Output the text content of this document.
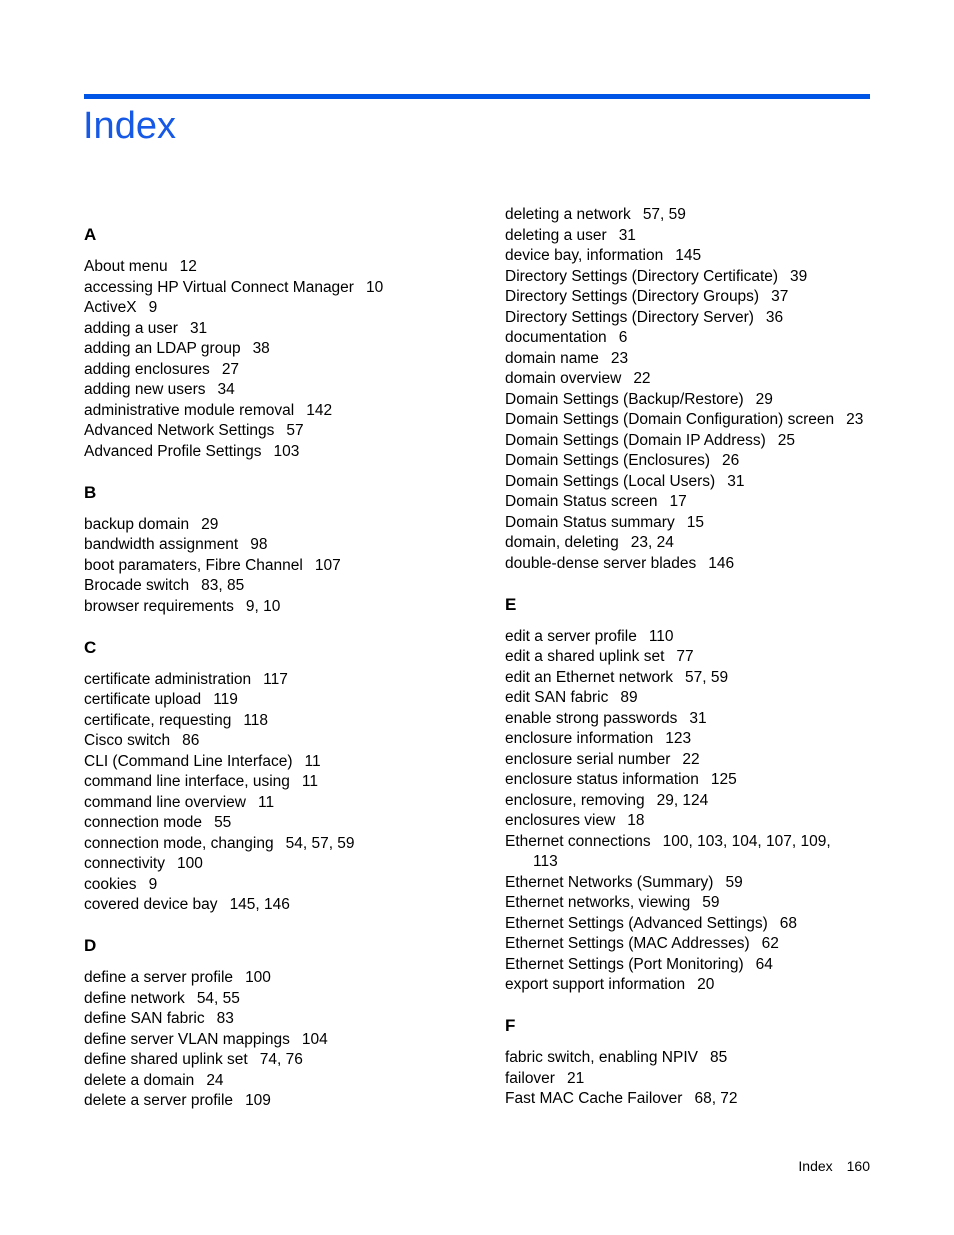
Index
A
About menu 12
accessing HP Virtual Connect Manager 10
ActiveX 9
adding a user 31
adding an LDAP group 38
adding enclosures 27
adding new users 34
administrative module removal 142
Advanced Network Settings 57
Advanced Profile Settings 103
B
backup domain 29
bandwidth assignment 98
boot paramaters, Fibre Channel 107
Brocade switch 83, 85
browser requirements 9, 10
C
certificate administration 117
certificate upload 119
certificate, requesting 118
Cisco switch 86
CLI (Command Line Interface) 11
command line interface, using 11
command line overview 11
connection mode 55
connection mode, changing 54, 57, 59
connectivity 100
cookies 9
covered device bay 145, 146
D
define a server profile 100
define network 54, 55
define SAN fabric 83
define server VLAN mappings 104
define shared uplink set 74, 76
delete a domain 24
delete a server profile 109
deleting a network 57, 59
deleting a user 31
device bay, information 145
Directory Settings (Directory Certificate) 39
Directory Settings (Directory Groups) 37
Directory Settings (Directory Server) 36
documentation 6
domain name 23
domain overview 22
Domain Settings (Backup/Restore) 29
Domain Settings (Domain Configuration) screen 23
Domain Settings (Domain IP Address) 25
Domain Settings (Enclosures) 26
Domain Settings (Local Users) 31
Domain Status screen 17
Domain Status summary 15
domain, deleting 23, 24
double-dense server blades 146
E
edit a server profile 110
edit a shared uplink set 77
edit an Ethernet network 57, 59
edit SAN fabric 89
enable strong passwords 31
enclosure information 123
enclosure serial number 22
enclosure status information 125
enclosure, removing 29, 124
enclosures view 18
Ethernet connections 100, 103, 104, 107, 109,
113
Ethernet Networks (Summary) 59
Ethernet networks, viewing 59
Ethernet Settings (Advanced Settings) 68
Ethernet Settings (MAC Addresses) 62
Ethernet Settings (Port Monitoring) 64
export support information 20
F
fabric switch, enabling NPIV 85
failover 21
Fast MAC Cache Failover 68, 72
Index 160
